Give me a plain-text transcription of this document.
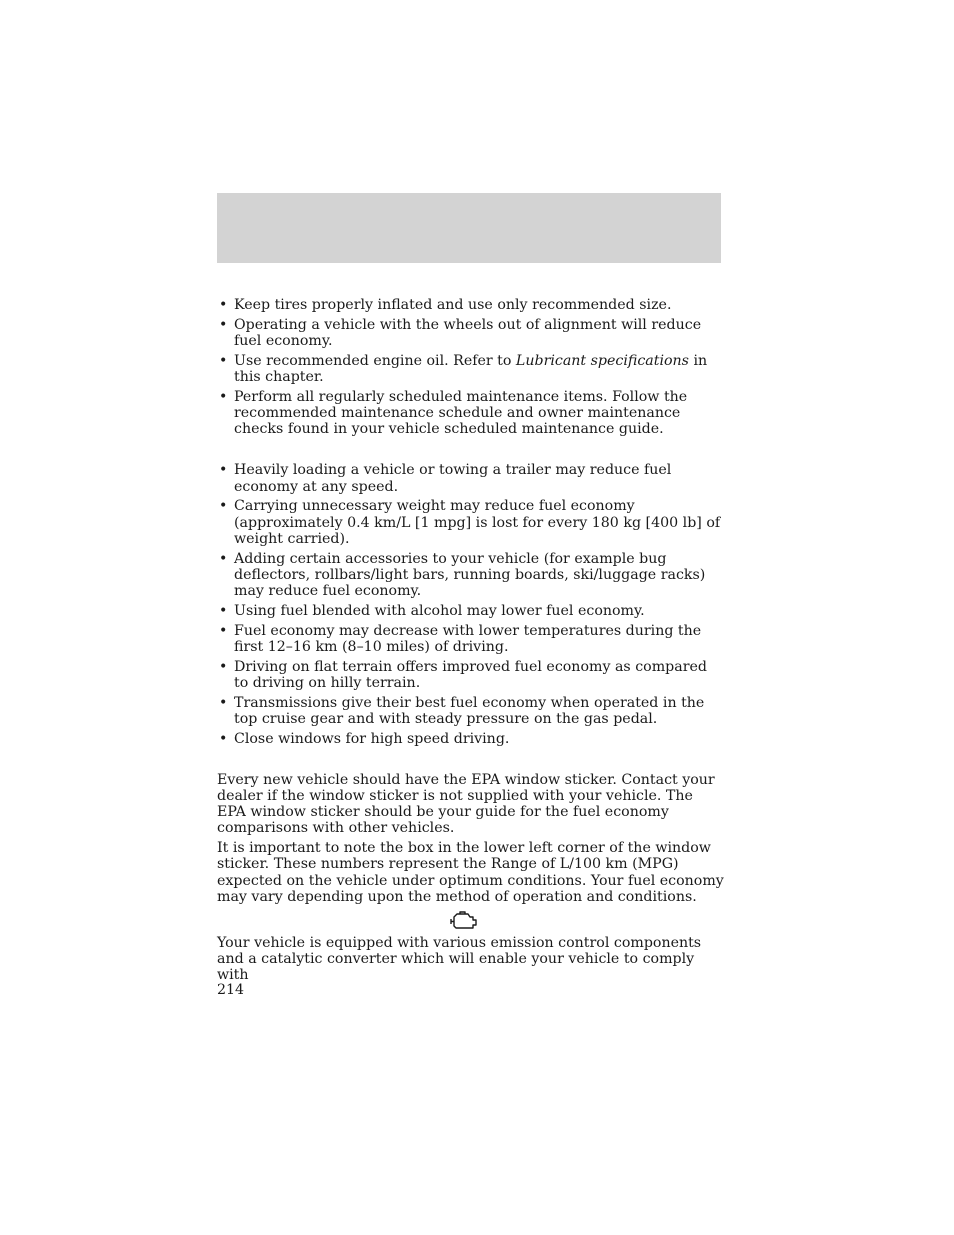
• Keep tires properly inflated and use only recommended size.
• Operating a vehicle with the wheels out of alignment will reduce fuel economy.
• Use recommended engine oil. Refer to Lubricant specifications in this chapter.
• Perform all regularly scheduled maintenance items. Follow the recommended maintenance schedule and owner maintenance checks found in your vehicle scheduled maintenance guide.
• Heavily loading a vehicle or towing a trailer may reduce fuel economy at any speed.
• Carrying unnecessary weight may reduce fuel economy (approximately 0.4 km/L [1 mpg] is lost for every 180 kg [400 lb] of weight carried).
• Adding certain accessories to your vehicle (for example bug deflectors, rollbars/light bars, running boards, ski/luggage racks) may reduce fuel economy.
• Using fuel blended with alcohol may lower fuel economy.
• Fuel economy may decrease with lower temperatures during the first 12–16 km (8–10 miles) of driving.
• Driving on flat terrain offers improved fuel economy as compared to driving on hilly terrain.
• Transmissions give their best fuel economy when operated in the top cruise gear and with steady pressure on the gas pedal.
• Close windows for high speed driving.

Every new vehicle should have the EPA window sticker. Contact your dealer if the window sticker is not supplied with your vehicle. The EPA window sticker should be your guide for the fuel economy comparisons with other vehicles.

It is important to note the box in the lower left corner of the window sticker. These numbers represent the Range of L/100 km (MPG) expected on the vehicle under optimum conditions. Your fuel economy may vary depending upon the method of operation and conditions.

Your vehicle is equipped with various emission control components and a catalytic converter which will enable your vehicle to comply with

214
